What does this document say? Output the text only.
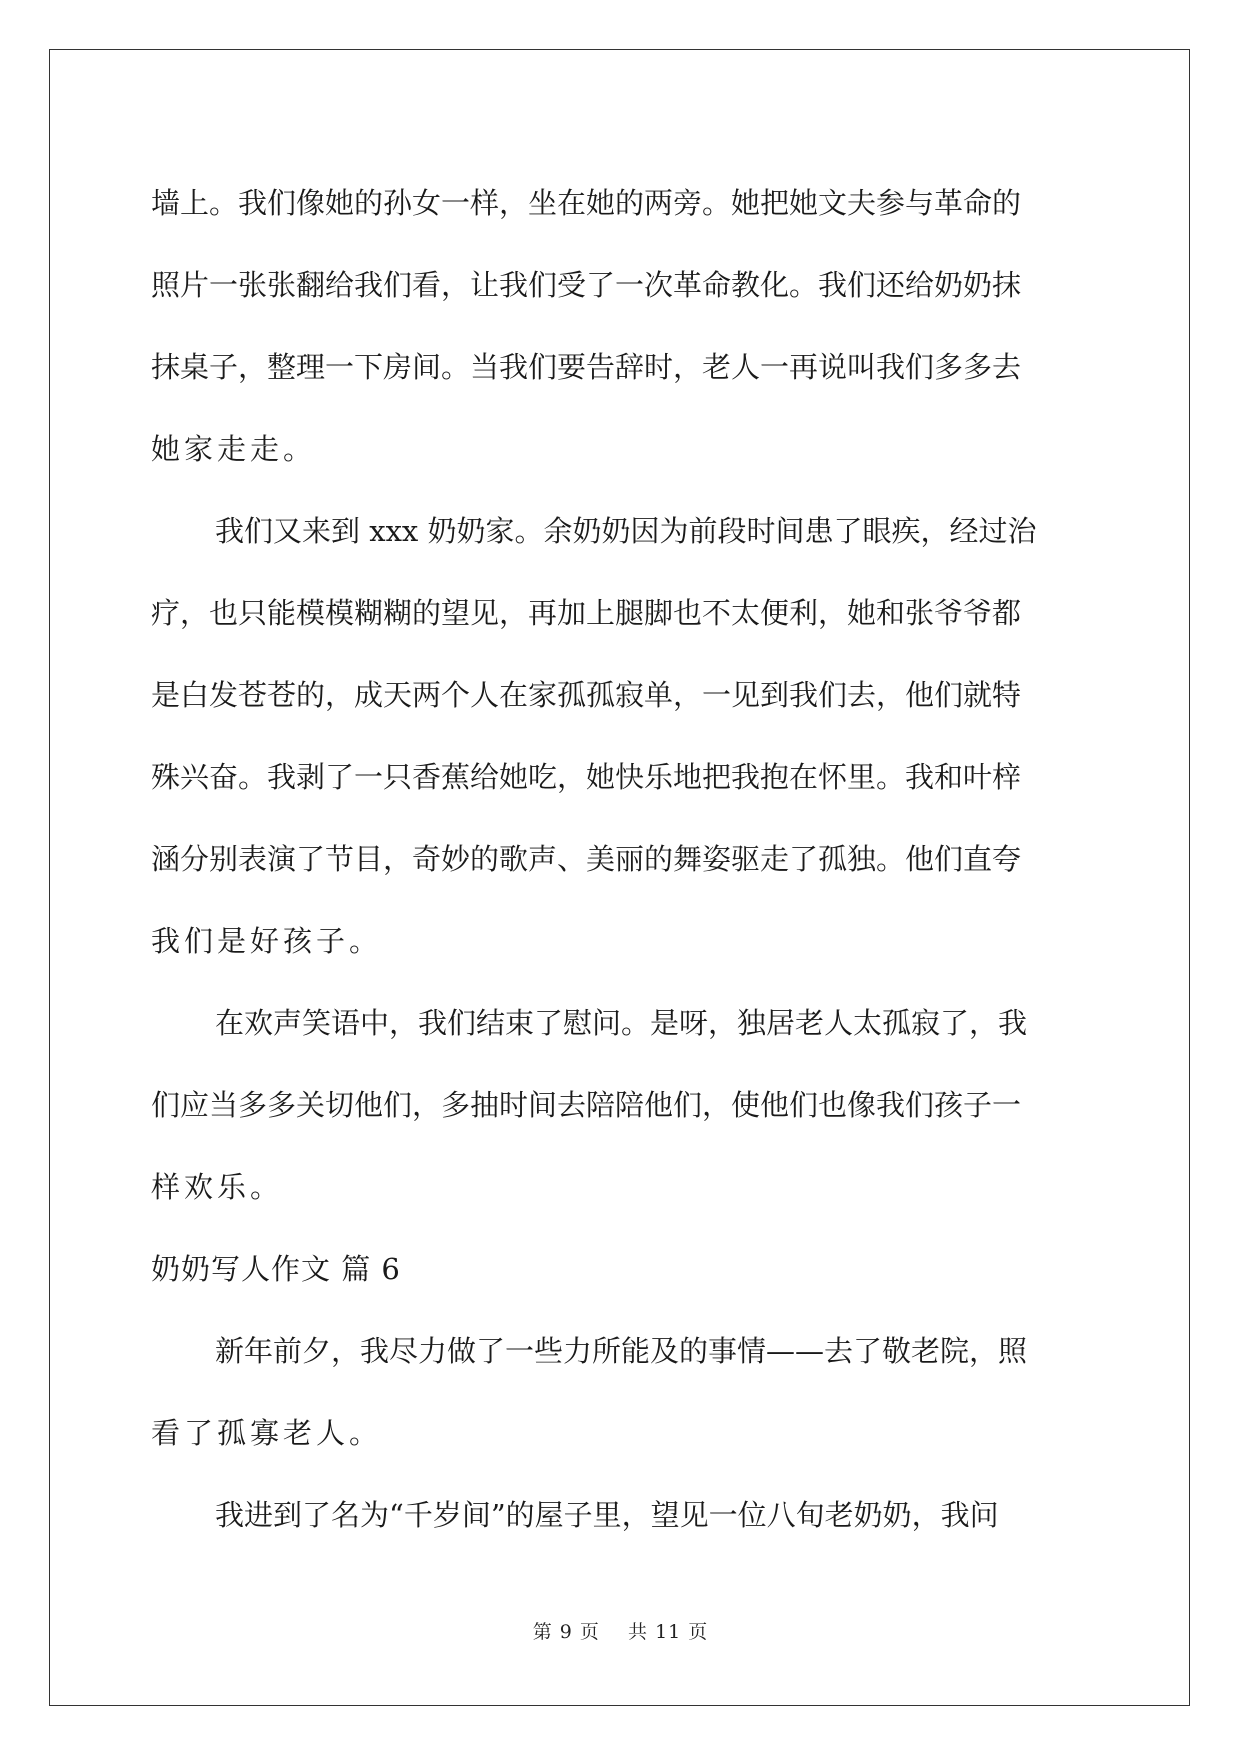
墙上。我们像她的孙女一样，坐在她的两旁。她把她文夫参与革命的
照片一张张翻给我们看，让我们受了一次革命教化。我们还给奶奶抹
抹桌子，整理一下房间。当我们要告辞时，老人一再说叫我们多多去
她家走走。
我们又来到 xxx 奶奶家。余奶奶因为前段时间患了眼疾，经过治
疗，也只能模模糊糊的望见，再加上腿脚也不太便利，她和张爷爷都
是白发苍苍的，成天两个人在家孤孤寂单，一见到我们去，他们就特
殊兴奋。我剥了一只香蕉给她吃，她快乐地把我抱在怀里。我和叶梓
涵分别表演了节目，奇妙的歌声、美丽的舞姿驱走了孤独。他们直夸
我们是好孩子。
在欢声笑语中，我们结束了慰问。是呀，独居老人太孤寂了，我
们应当多多关切他们，多抽时间去陪陪他们，使他们也像我们孩子一
样欢乐。
奶奶写人作文 篇 6
新年前夕，我尽力做了一些力所能及的事情——去了敬老院，照
看了孤寡老人。
我进到了名为“千岁间”的屋子里，望见一位八旬老奶奶，我问
第 9 页    共 11 页
